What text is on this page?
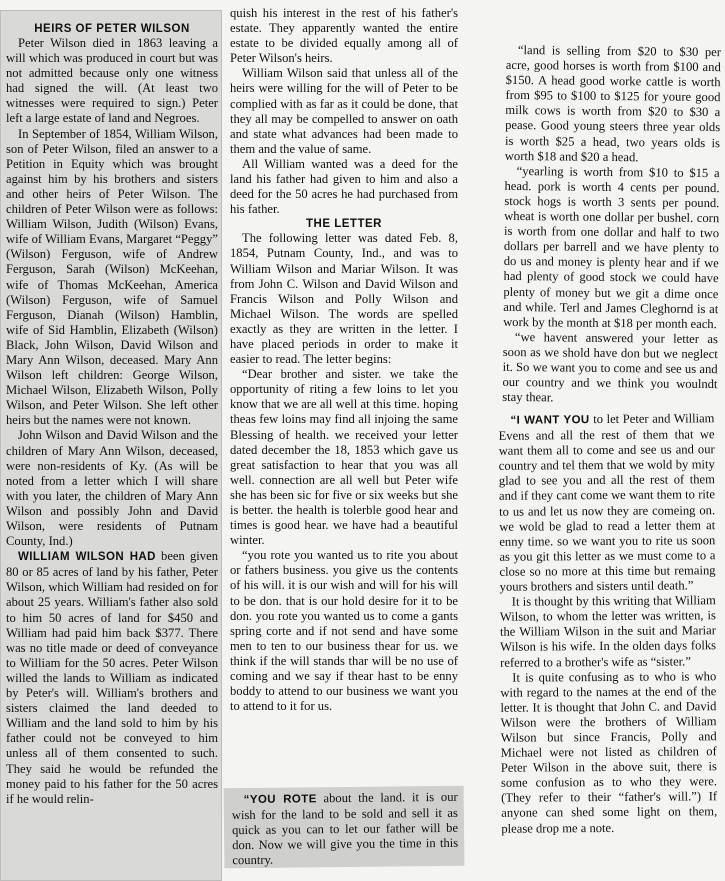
HEIRS OF PETER WILSON

Peter Wilson died in 1863 leaving a will which was produced in court but was not admitted because only one witness had signed the will. (At least two witnesses were required to sign.) Peter left a large estate of land and Negroes.

In September of 1854, William Wilson, son of Peter Wilson, filed an answer to a Petition in Equity which was brought against him by his brothers and sisters and other heirs of Peter Wilson. The children of Peter Wilson were as follows: William Wilson, Judith (Wilson) Evans, wife of William Evans, Margaret “Peggy” (Wilson) Ferguson, wife of Andrew Ferguson, Sarah (Wilson) McKeehan, wife of Thomas McKeehan, America (Wilson) Ferguson, wife of Samuel Ferguson, Dianah (Wilson) Hamblin, wife of Sid Hamblin, Elizabeth (Wilson) Black, John Wilson, David Wilson and Mary Ann Wilson, deceased. Mary Ann Wilson left children: George Wilson, Michael Wilson, Elizabeth Wilson, Polly Wilson, and Peter Wilson. She left other heirs but the names were not known.

John Wilson and David Wilson and the children of Mary Ann Wilson, deceased, were non-residents of Ky. (As will be noted from a letter which I will share with you later, the children of Mary Ann Wilson and possibly John and David Wilson, were residents of Putnam County, Ind.)

WILLIAM WILSON HAD been given 80 or 85 acres of land by his father, Peter Wilson, which William had resided on for about 25 years. William's father also sold to him 50 acres of land for $450 and William had paid him back $377. There was no title made or deed of conveyance to William for the 50 acres. Peter Wilson willed the lands to William as indicated by Peter's will. William's brothers and sisters claimed the land deeded to William and the land sold to him by his father could not be conveyed to him unless all of them consented to such. They said he would be refunded the money paid to his father for the 50 acres if he would relin-

quish his interest in the rest of his father's estate. They apparently wanted the entire estate to be divided equally among all of Peter Wilson's heirs.

William Wilson said that unless all of the heirs were willing for the will of Peter to be complied with as far as it could be done, that they all may be compelled to answer on oath and state what advances had been made to them and the value of same.

All William wanted was a deed for the land his father had given to him and also a deed for the 50 acres he had purchased from his father.

THE LETTER

The following letter was dated Feb. 8, 1854, Putnam County, Ind., and was to William Wilson and Mariar Wilson. It was from John C. Wilson and David Wilson and Francis Wilson and Polly Wilson and Michael Wilson. The words are spelled exactly as they are written in the letter. I have placed periods in order to make it easier to read. The letter begins:

“Dear brother and sister. we take the opportunity of riting a few loins to let you know that we are all well at this time. hoping theas few loins may find all injoing the same Blessing of health. we received your letter dated december the 18, 1853 which gave us great satisfaction to hear that you was all well. connection are all well but Peter wife she has been sic for five or six weeks but she is better. the health is tolerble good hear and times is good hear. we have had a beautiful winter.

“you rote you wanted us to rite you about or fathers business. you give us the contents of his will. it is our wish and will for his will to be don. that is our hold desire for it to be don. you rote you wanted us to come a gants spring corte and if not send and have some men to ten to our business thear for us. we think if the will stands thar will be no use of coming and we say if thear hast to be enny boddy to attend to our business we want you to attend to it for us.

“YOU ROTE about the land. it is our wish for the land to be sold and sell it as quick as you can to let our father will be don. Now we will give you the time in this country.

“land is selling from $20 to $30 per acre, good horses is worth from $100 and $150. A head good worke cattle is worth from $95 to $100 to $125 for youre good milk cows is worth from $20 to $30 a pease. Good young steers three year olds is worth $25 a head, two years olds is worth $18 and $20 a head.

“yearling is worth from $10 to $15 a head. pork is worth 4 cents per pound. stock hogs is worth 3 sents per pound. wheat is worth one dollar per bushel. corn is worth from one dollar and half to two dollars per barrell and we have plenty to do us and money is plenty hear and if we had plenty of good stock we could have plenty of money but we git a dime once and while. Terl and James Cleghornd is at work by the month at $18 per month each.

“we havent answered your letter as soon as we shold have don but we neglect it. So we want you to come and see us and our country and we think you woulndt stay thear.

“I WANT YOU to let Peter and William Evens and all the rest of them that we want them all to come and see us and our country and tel them that we wold by mity glad to see you and all the rest of them and if they cant come we want them to rite to us and let us now they are comeing on. we wold be glad to read a letter them at enny time. so we want you to rite us soon as you git this letter as we must come to a close so no more at this time but remaing yours brothers and sisters until death.”

It is thought by this writing that William Wilson, to whom the letter was written, is the William Wilson in the suit and Mariar Wilson is his wife. In the olden days folks referred to a brother's wife as “sister.”

It is quite confusing as to who is who with regard to the names at the end of the letter. It is thought that John C. and David Wilson were the brothers of William Wilson but since Francis, Polly and Michael were not listed as children of Peter Wilson in the above suit, there is some confusion as to who they were. (They refer to their “father's will.”) If anyone can shed some light on them, please drop me a note.
